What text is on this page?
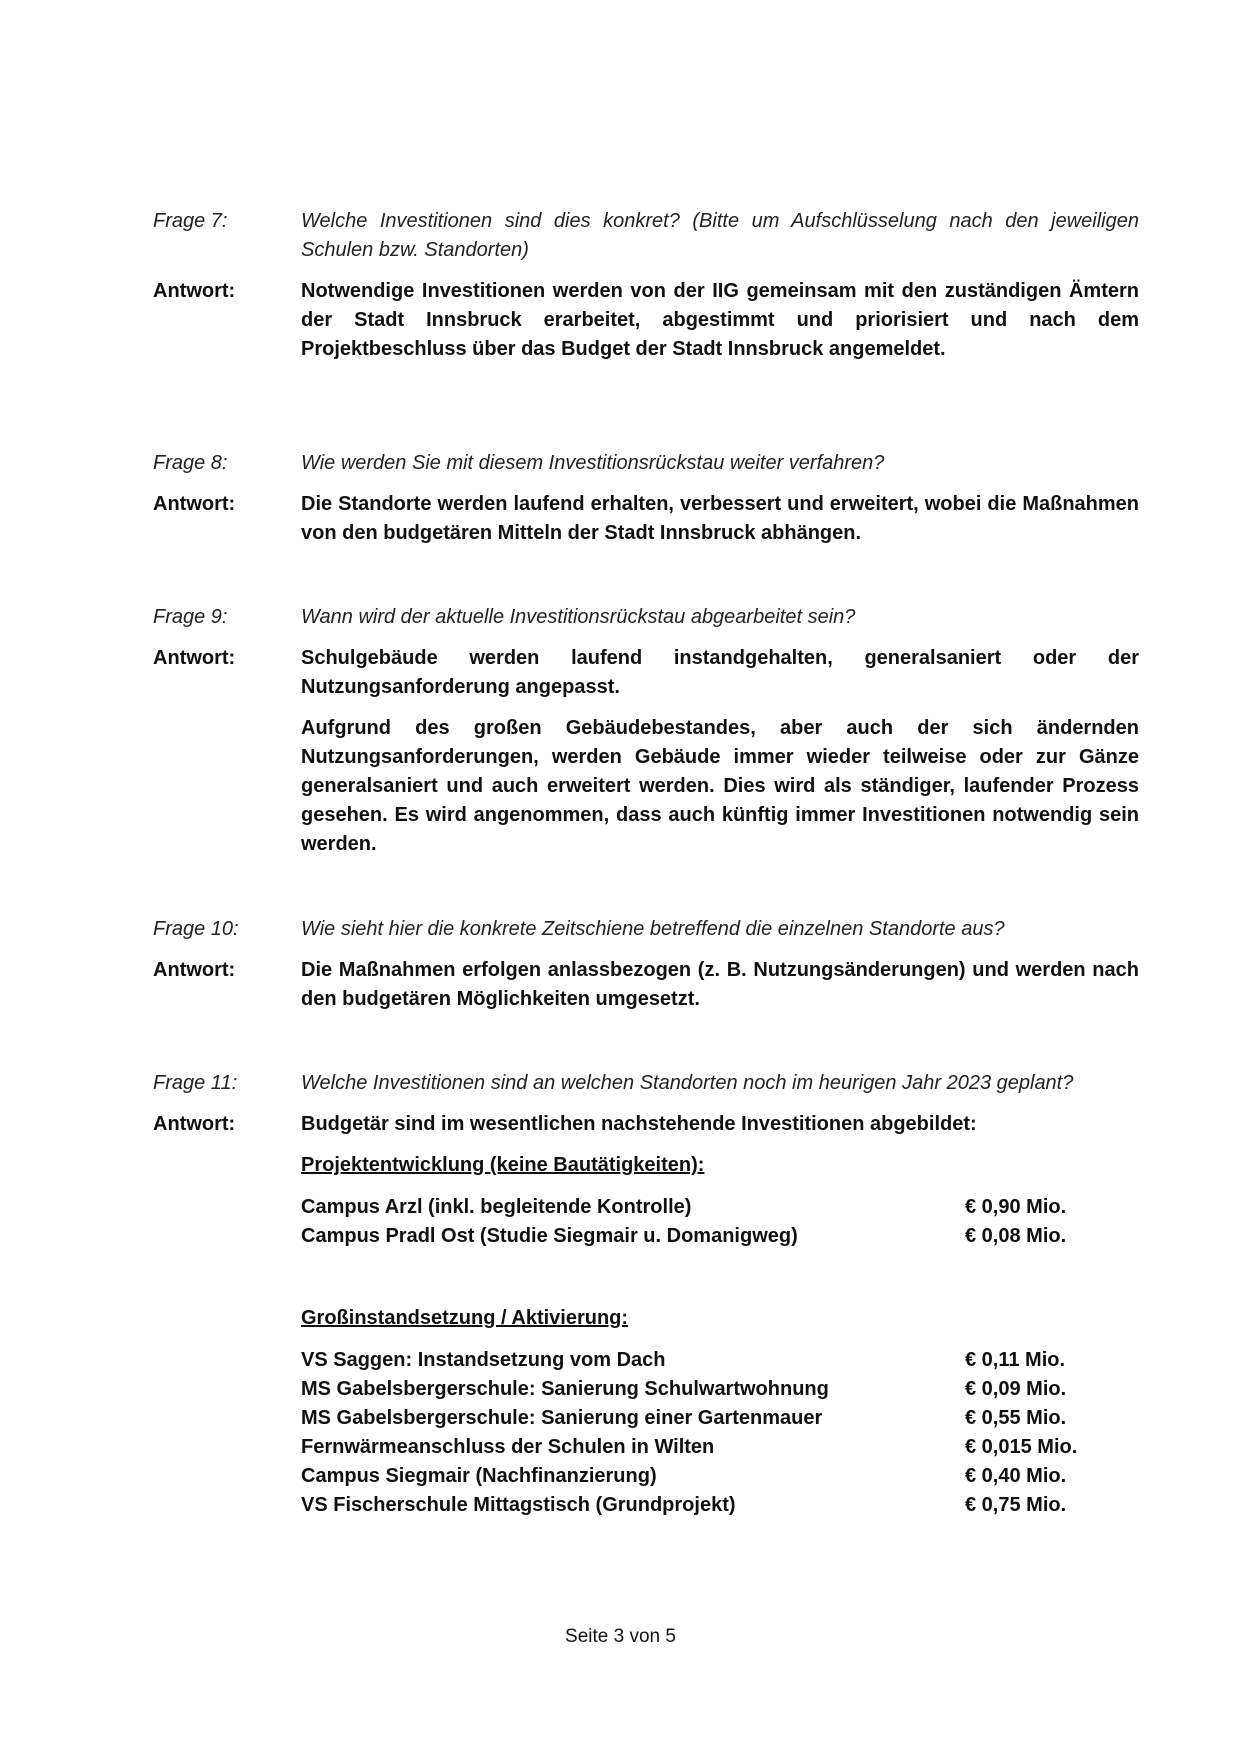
Frage 7:	Welche Investitionen sind dies konkret? (Bitte um Aufschlüsselung nach den jeweiligen Schulen bzw. Standorten)
Antwort:	Notwendige Investitionen werden von der IIG gemeinsam mit den zuständigen Ämtern der Stadt Innsbruck erarbeitet, abgestimmt und priorisiert und nach dem Projektbeschluss über das Budget der Stadt Innsbruck angemeldet.
Frage 8:	Wie werden Sie mit diesem Investitionsrückstau weiter verfahren?
Antwort:	Die Standorte werden laufend erhalten, verbessert und erweitert, wobei die Maßnahmen von den budgetären Mitteln der Stadt Innsbruck abhängen.
Frage 9:	Wann wird der aktuelle Investitionsrückstau abgearbeitet sein?
Antwort:	Schulgebäude werden laufend instandgehalten, generalsaniert oder der Nutzungsanforderung angepasst.
Aufgrund des großen Gebäudebestandes, aber auch der sich ändernden Nutzungsanforderungen, werden Gebäude immer wieder teilweise oder zur Gänze generalsaniert und auch erweitert werden. Dies wird als ständiger, laufender Prozess gesehen. Es wird angenommen, dass auch künftig immer Investitionen notwendig sein werden.
Frage 10:	Wie sieht hier die konkrete Zeitschiene betreffend die einzelnen Standorte aus?
Antwort:	Die Maßnahmen erfolgen anlassbezogen (z. B. Nutzungsänderungen) und werden nach den budgetären Möglichkeiten umgesetzt.
Frage 11:	Welche Investitionen sind an welchen Standorten noch im heurigen Jahr 2023 geplant?
Antwort:	Budgetär sind im wesentlichen nachstehende Investitionen abgebildet:
Projektentwicklung (keine Bautätigkeiten):
Campus Arzl (inkl. begleitende Kontrolle)	€ 0,90 Mio.
Campus Pradl Ost (Studie Siegmair u. Domanigweg)	€ 0,08 Mio.
Großinstandsetzung / Aktivierung:
VS Saggen: Instandsetzung vom Dach	€ 0,11 Mio.
MS Gabelsbergerschule: Sanierung Schulwartwohnung	€ 0,09 Mio.
MS Gabelsbergerschule: Sanierung einer Gartenmauer	€ 0,55 Mio.
Fernwärmeanschluss der Schulen in Wilten	€ 0,015 Mio.
Campus Siegmair (Nachfinanzierung)	€ 0,40 Mio.
VS Fischerschule Mittagstisch (Grundprojekt)	€ 0,75 Mio.
Seite 3 von 5
